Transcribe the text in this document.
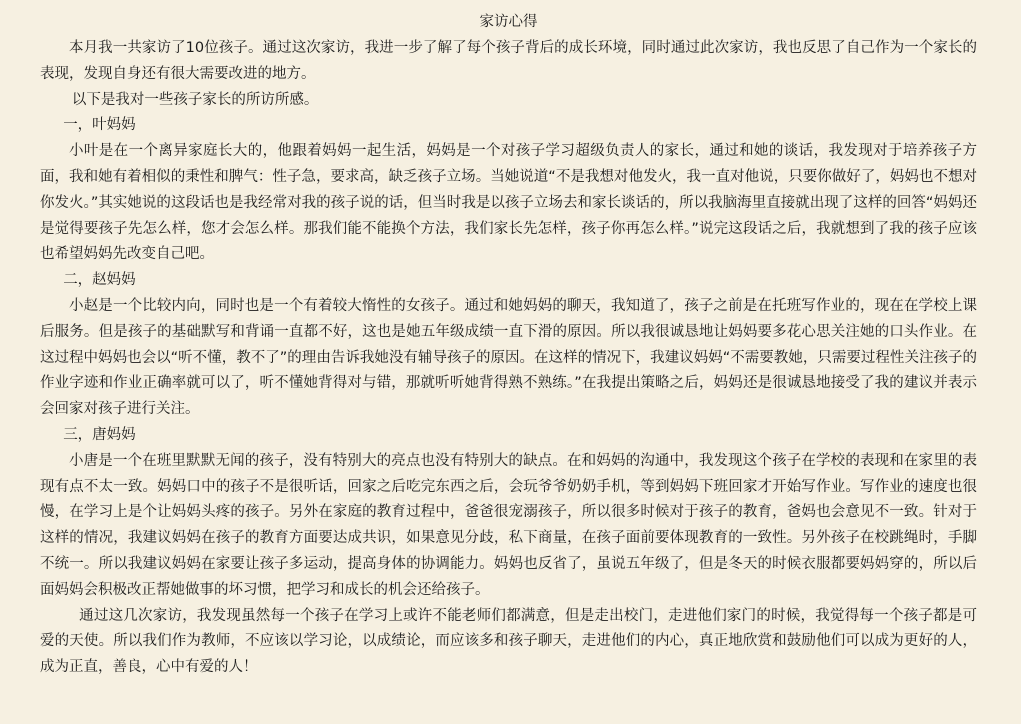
家访心得

本月我一共家访了10位孩子。通过这次家访，我进一步了解了每个孩子背后的成长环境，同时通过此次家访，我也反思了自己作为一个家长的表现，发现自身还有很大需要改进的地方。

以下是我对一些孩子家长的所访所感。

一，叶妈妈

小叶是在一个离异家庭长大的，他跟着妈妈一起生活，妈妈是一个对孩子学习超级负责人的家长，通过和她的谈话，我发现对于培养孩子方面，我和她有着相似的秉性和脾气：性子急，要求高，缺乏孩子立场。当她说道“不是我想对他发火，我一直对他说，只要你做好了，妈妈也不想对你发火。”其实她说的这段话也是我经常对我的孩子说的话，但当时我是以孩子立场去和家长谈话的，所以我脑海里直接就出现了这样的回答“妈妈还是觉得要孩子先怎么样，您才会怎么样。那我们能不能换个方法，我们家长先怎样，孩子你再怎么样。”说完这段话之后，我就想到了我的孩子应该也希望妈妈先改变自己吧。

二，赵妈妈

小赵是一个比较内向，同时也是一个有着较大惰性的女孩子。通过和她妈妈的聊天，我知道了，孩子之前是在托班写作业的，现在在学校上课后服务。但是孩子的基础默写和背诵一直都不好，这也是她五年级成绩一直下滑的原因。所以我很诚恳地让妈妈要多花心思关注她的口头作业。在这过程中妈妈也会以“听不懂，教不了”的理由告诉我她没有辅导孩子的原因。在这样的情况下，我建议妈妈“不需要教她，只需要过程性关注孩子的作业字迹和作业正确率就可以了，听不懂她背得对与错，那就听听她背得熟不熟练。”在我提出策略之后，妈妈还是很诚恳地接受了我的建议并表示会回家对孩子进行关注。

三，唐妈妈

小唐是一个在班里默默无闻的孩子，没有特别大的亮点也没有特别大的缺点。在和妈妈的沟通中，我发现这个孩子在学校的表现和在家里的表现有点不太一致。妈妈口中的孩子不是很听话，回家之后吃完东西之后，会玩爷爷奶奶手机，等到妈妈下班回家才开始写作业。写作业的速度也很慢，在学习上是个让妈妈头疼的孩子。另外在家庭的教育过程中，爸爸很宠溺孩子，所以很多时候对于孩子的教育，爸妈也会意见不一致。针对于这样的情况，我建议妈妈在孩子的教育方面要达成共识，如果意见分歧，私下商量，在孩子面前要体现教育的一致性。另外孩子在校跳绳时，手脚不统一。所以我建议妈妈在家要让孩子多运动，提高身体的协调能力。妈妈也反省了，虽说五年级了，但是冬天的时候衣服都要妈妈穿的，所以后面妈妈会积极改正帮她做事的坏习惯，把学习和成长的机会还给孩子。

通过这几次家访，我发现虽然每一个孩子在学习上或许不能老师们都满意，但是走出校门，走进他们家门的时候，我觉得每一个孩子都是可爱的天使。所以我们作为教师，不应该以学习论，以成绩论，而应该多和孩子聊天，走进他们的内心，真正地欣赏和鼓励他们可以成为更好的人，成为正直，善良，心中有爱的人！
